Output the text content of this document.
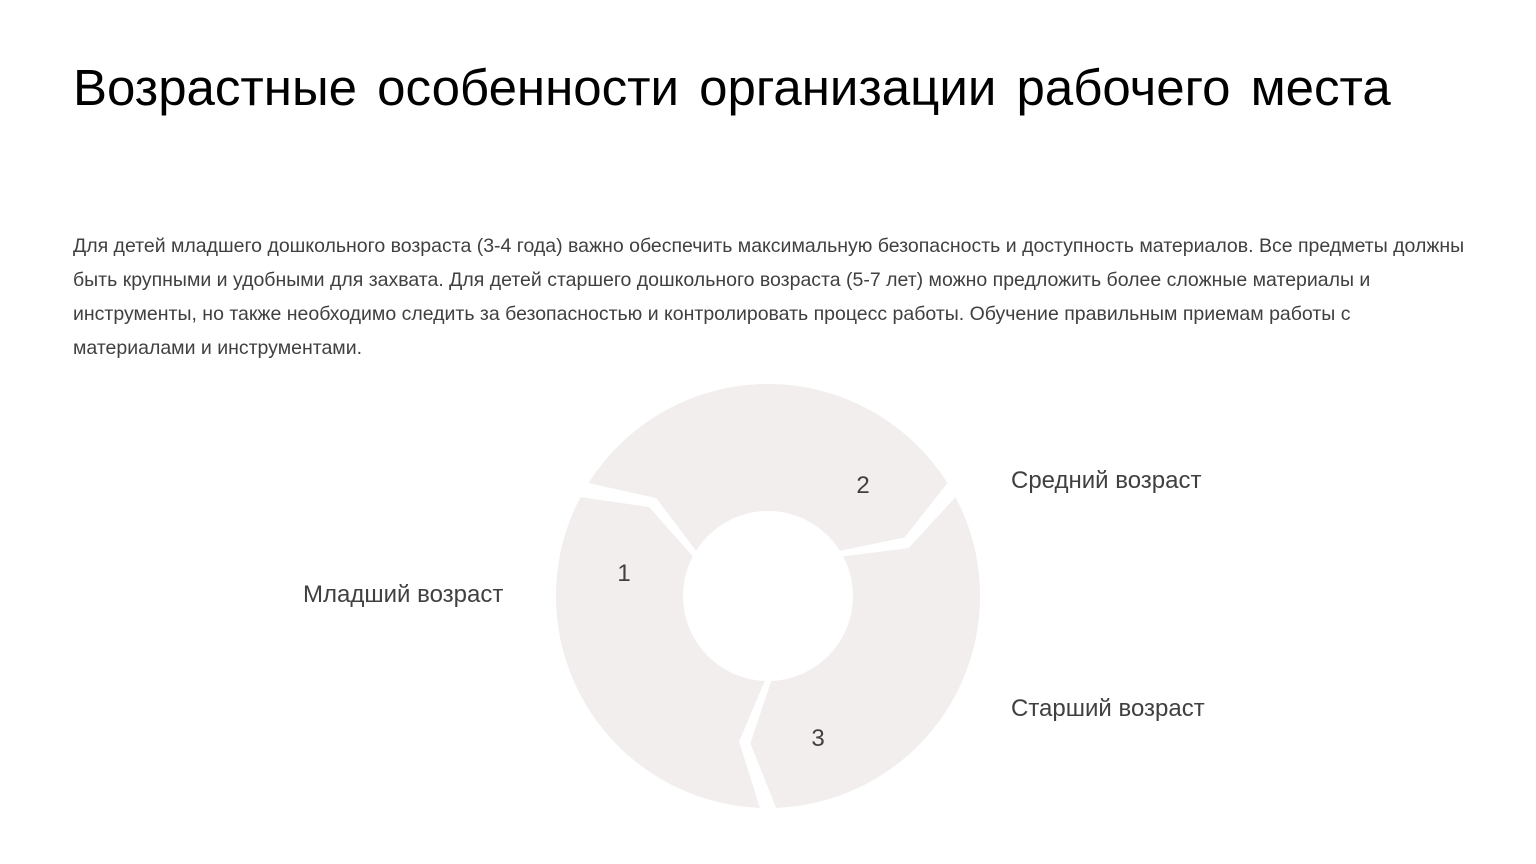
Возрастные особенности организации рабочего места

Для детей младшего дошкольного возраста (3-4 года) важно обеспечить максимальную безопасность и доступность материалов. Все предметы должны быть крупными и удобными для захвата. Для детей старшего дошкольного возраста (5-7 лет) можно предложить более сложные материалы и инструменты, но также необходимо следить за безопасностью и контролировать процесс работы. Обучение правильным приемам работы с материалами и инструментами.

1
2
3
Младший возраст
Средний возраст
Старший возраст
